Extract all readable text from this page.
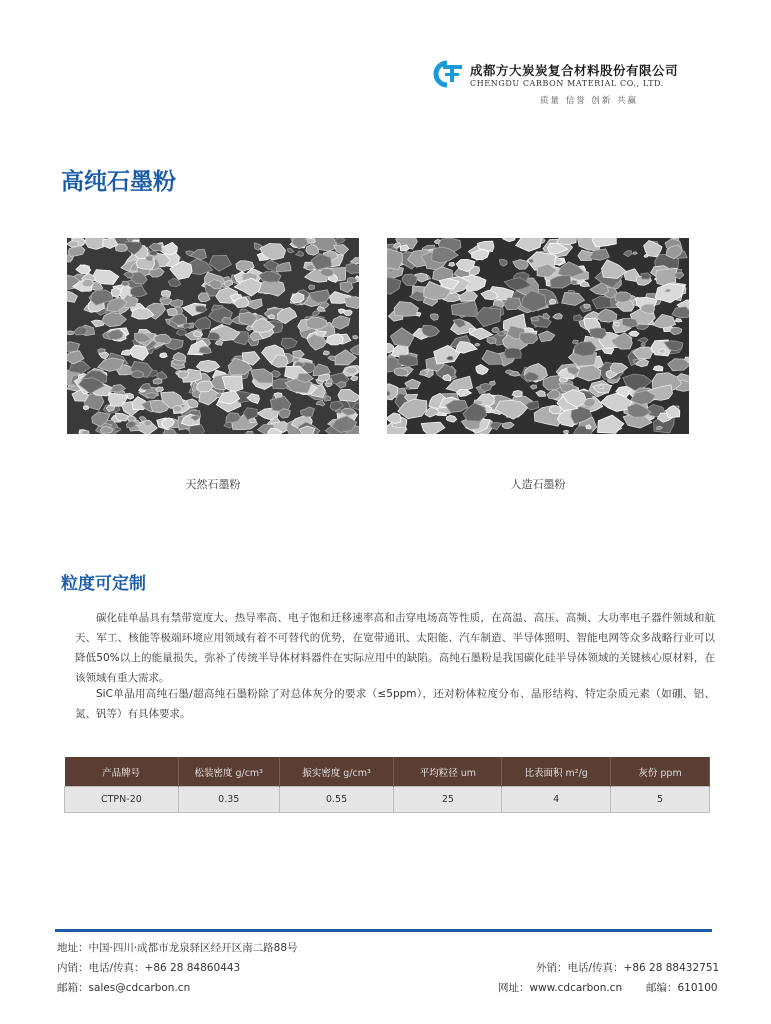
成都方大炭炭复合材料股份有限公司
CHENGDU CARBON MATERIAL CO., LTD.
质量 信誉 创新 共赢
高纯石墨粉
天然石墨粉	人造石墨粉
粒度可定制

碳化硅单晶具有禁带宽度大、热导率高、电子饱和迁移速率高和击穿电场高等性质，在高温、高压、高频、大功率电子器件领域和航天、军工、核能等极端环境应用领域有着不可替代的优势，在宽带通讯、太阳能、汽车制造、半导体照明、智能电网等众多战略行业可以降低50%以上的能量损失，弥补了传统半导体材料器件在实际应用中的缺陷。高纯石墨粉是我国碳化硅半导体领域的关键核心原材料，在该领域有重大需求。

SiC单晶用高纯石墨/超高纯石墨粉除了对总体灰分的要求（≤5ppm），还对粉体粒度分布、晶形结构、特定杂质元素（如硼、铝、氮、钒等）有具体要求。

产品牌号	松装密度 g/cm³	振实密度 g/cm³	平均粒径 um	比表面积 m²/g	灰份 ppm
CTPN-20	0.35	0.55	25	4	5
地址：中国·四川·成都市龙泉驿区经开区南二路88号
内销：电话/传真：+86 28 84860443	外销：电话/传真：+86 28 88432751
邮箱：sales@cdcarbon.cn	网址：www.cdcarbon.cn 邮编：610100
